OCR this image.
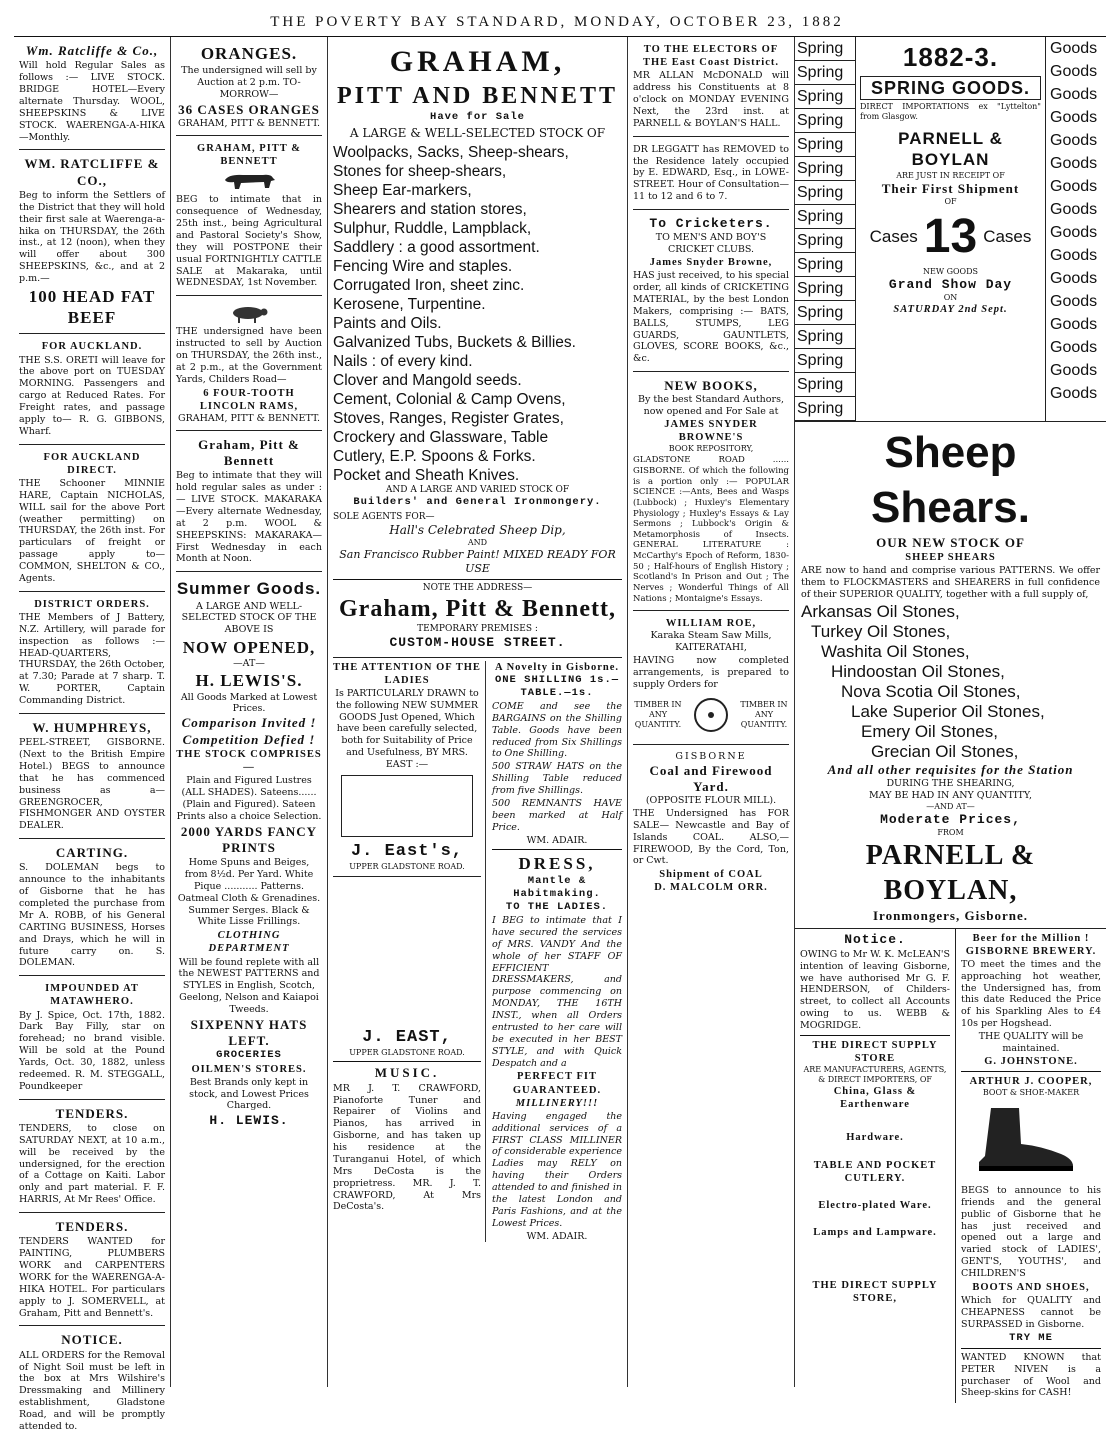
THE POVERTY BAY STANDARD, MONDAY, OCTOBER 23, 1882
Wm. Ratcliffe & Co.,
Will hold Regular Sales as follows :— LIVE STOCK. BRIDGE HOTEL—Every alternate Thursday. WOOL, SHEEPSKINS & LIVE STOCK. WAERENGA-A-HIKA—Monthly.
WM. RATCLIFFE & CO.,
Beg to inform the Settlers of the District that they will hold their first sale at Waerenga-a-hika on THURSDAY, the 26th inst., at 12 (noon), when they will offer about 300 SHEEPSKINS, &c., and at 2 p.m.—
100 HEAD FAT BEEF
FOR AUCKLAND.
THE S.S. ORETI will leave for the above port on TUESDAY MORNING. Passengers and cargo at Reduced Rates. For Freight rates, and passage apply to— R. G. GIBBONS, Wharf.
FOR AUCKLAND DIRECT.
THE Schooner MINNIE HARE, Captain NICHOLAS, WILL sail for the above Port (weather permitting) on THURSDAY, the 26th inst. For particulars of freight or passage apply to— COMMON, SHELTON & CO., Agents.
DISTRICT ORDERS.
THE Members of J Battery, N.Z. Artillery, will parade for inspection as follows :— HEAD-QUARTERS, THURSDAY, the 26th October, at 7.30; Parade at 7 sharp. T. W. PORTER, Captain Commanding District.
W. HUMPHREYS,
PEEL-STREET, GISBORNE. (Next to the British Empire Hotel.) BEGS to announce that he has commenced business as a— GREENGROCER, FISHMONGER AND OYSTER DEALER.
CARTING.
S. DOLEMAN begs to announce to the inhabitants of Gisborne that he has completed the purchase from Mr A. ROBB, of his General CARTING BUSINESS, Horses and Drays, which he will in future carry on. S. DOLEMAN.
IMPOUNDED AT MATAWHERO.
By J. Spice, Oct. 17th, 1882. Dark Bay Filly, star on forehead; no brand visible. Will be sold at the Pound Yards, Oct. 30, 1882, unless redeemed. R. M. STEGGALL, Poundkeeper
TENDERS.
TENDERS, to close on SATURDAY NEXT, at 10 a.m., will be received by the undersigned, for the erection of a Cottage on Kaiti. Labor only and part material. F. F. HARRIS, At Mr Rees' Office.
TENDERS.
TENDERS WANTED for PAINTING, PLUMBERS WORK and CARPENTERS WORK for the WAERENGA-A-HIKA HOTEL. For particulars apply to J. SOMERVELL, at Graham, Pitt and Bennett's.
NOTICE.
ALL ORDERS for the Removal of Night Soil must be left in the box at Mrs Wilshire's Dressmaking and Millinery establishment, Gladstone Road, and will be promptly attended to.
ORANGES.
The undersigned will sell by Auction at 2 p.m. TO-MORROW—
36 CASES ORANGES
GRAHAM, PITT & BENNETT.
GRAHAM, PITT & BENNETT
BEG to intimate that in consequence of Wednesday, 25th inst., being Agricultural and Pastoral Society's Show, they will POSTPONE their usual FORTNIGHTLY CATTLE SALE at Makaraka, until WEDNESDAY, 1st November.
THE undersigned have been instructed to sell by Auction on THURSDAY, the 26th inst., at 2 p.m., at the Government Yards, Childers Road—
6 FOUR-TOOTH LINCOLN RAMS,
GRAHAM, PITT & BENNETT.
Graham, Pitt & Bennett
Beg to intimate that they will hold regular sales as under :— LIVE STOCK. MAKARAKA—Every alternate Wednesday, at 2 p.m. WOOL & SHEEPSKINS: MAKARAKA—First Wednesday in each Month at Noon.
Summer Goods.
A LARGE AND WELL-SELECTED STOCK OF THE ABOVE IS
NOW OPENED,
—AT—
H. LEWIS'S.
All Goods Marked at Lowest Prices.
Comparison Invited ! Competition Defied !
THE STOCK COMPRISES—
Plain and Figured Lustres (ALL SHADES). Sateens......(Plain and Figured). Sateen Prints also a choice Selection.
2000 YARDS FANCY PRINTS
Home Spuns and Beiges, from 8½d. Per Yard. White Pique ........... Patterns. Oatmeal Cloth & Grenadines. Summer Serges. Black & White Lisse Frillings.
CLOTHING DEPARTMENT
Will be found replete with all the NEWEST PATTERNS and STYLES in English, Scotch, Geelong, Nelson and Kaiapoi Tweeds.
SIXPENNY HATS LEFT.
GROCERIES
OILMEN'S STORES.
Best Brands only kept in stock, and Lowest Prices Charged.
H. LEWIS.
GRAHAM,
PITT AND BENNETT
Have for Sale
A LARGE & WELL-SELECTED STOCK OF
Woolpacks, Sacks, Sheep-shears,
Stones for sheep-shears,
Sheep Ear-markers,
Shearers and station stores,
Sulphur, Ruddle, Lampblack,
Saddlery : a good assortment.
Fencing Wire and staples.
Corrugated Iron, sheet zinc.
Kerosene, Turpentine.
Paints and Oils.
Galvanized Tubs, Buckets & Billies.
Nails : of every kind.
Clover and Mangold seeds.
Cement, Colonial & Camp Ovens,
Stoves, Ranges, Register Grates,
Crockery and Glassware, Table
Cutlery, E.P. Spoons & Forks.
Pocket and Sheath Knives.
AND A LARGE AND VARIED STOCK OF
Builders' and General Ironmongery.
SOLE AGENTS FOR—
Hall's Celebrated Sheep Dip,
AND
San Francisco Rubber Paint! MIXED READY FOR USE
NOTE THE ADDRESS—
Graham, Pitt & Bennett,
TEMPORARY PREMISES :
CUSTOM-HOUSE STREET.
THE ATTENTION OF THE LADIES
Is PARTICULARLY DRAWN to the following NEW SUMMER GOODS Just Opened, Which have been carefully selected, both for Suitability of Price and Usefulness, BY MRS. EAST :—
J. East's,
UPPER GLADSTONE ROAD.
J. EAST,
UPPER GLADSTONE ROAD.
MUSIC.
MR J. T. CRAWFORD, Pianoforte Tuner and Repairer of Violins and Pianos, has arrived in Gisborne, and has taken up his residence at the Turanganui Hotel, of which Mrs DeCosta is the proprietress. MR. J. T. CRAWFORD, At Mrs DeCosta's.
A Novelty in Gisborne.
ONE SHILLING 1s.—TABLE.—1s.
COME and see the BARGAINS on the Shilling Table. Goods have been reduced from Six Shillings to One Shilling.
500 STRAW HATS on the Shilling Table reduced from five Shillings.
500 REMNANTS HAVE been marked at Half Price.
WM. ADAIR.
DRESS,
Mantle & Habitmaking.
TO THE LADIES.
I BEG to intimate that I have secured the services of MRS. VANDY And the whole of her STAFF OF EFFICIENT DRESSMAKERS, and purpose commencing on MONDAY, THE 16TH INST., when all Orders entrusted to her care will be executed in her BEST STYLE, and with Quick Despatch and a
PERFECT FIT GUARANTEED.
MILLINERY!!!
Having engaged the additional services of a FIRST CLASS MILLINER of considerable experience Ladies may RELY on having their Orders attended to and finished in the latest London and Paris Fashions, and at the Lowest Prices.
WM. ADAIR.
TO THE ELECTORS OF THE East Coast District.
MR ALLAN McDONALD will address his Constituents at 8 o'clock on MONDAY EVENING Next, the 23rd inst. at PARNELL & BOYLAN'S HALL.
DR LEGGATT has REMOVED to the Residence lately occupied by E. EDWARD, Esq., in LOWE-STREET. Hour of Consultation—11 to 12 and 6 to 7.
To Cricketers.
TO MEN'S AND BOY'S CRICKET CLUBS.
James Snyder Browne,
HAS just received, to his special order, all kinds of CRICKETING MATERIAL, by the best London Makers, comprising :— BATS, BALLS, STUMPS, LEG GUARDS, GAUNTLETS, GLOVES, SCORE BOOKS, &c., &c.
NEW BOOKS,
By the best Standard Authors, now opened and For Sale at
JAMES SNYDER BROWNE'S
BOOK REPOSITORY,
GLADSTONE ROAD ...... GISBORNE. Of which the following is a portion only :— POPULAR SCIENCE :—Ants, Bees and Wasps (Lubbock) ; Huxley's Elementary Physiology ; Huxley's Essays & Lay Sermons ; Lubbock's Origin & Metamorphosis of Insects. GENERAL LITERATURE : McCarthy's Epoch of Reform, 1830-50 ; Half-hours of English History ; Scotland's In Prison and Out ; The Nerves ; Wonderful Things of All Nations ; Montaigne's Essays.
WILLIAM ROE,
Karaka Steam Saw Mills, KAITERATAHI,
HAVING now completed arrangements, is prepared to supply Orders for
TIMBER IN ANY QUANTITY.
TIMBER IN ANY QUANTITY.
GISBORNE
Coal and Firewood Yard.
(OPPOSITE FLOUR MILL).
THE Undersigned has FOR SALE— Newcastle and Bay of Islands COAL. ALSO,—FIREWOOD, By the Cord, Ton, or Cwt.
Shipment of COAL
D. MALCOLM ORR.
Spring
Spring
Spring
Spring
Spring
Spring
Spring
Spring
Spring
Spring
Spring
Spring
Spring
Spring
Spring
Spring
1882-3.
SPRING GOODS.
DIRECT IMPORTATIONS ex "Lyttelton" from Glasgow.
PARNELL & BOYLAN
ARE JUST IN RECEIPT OF
Their First Shipment
OF
Cases 13 Cases
NEW GOODS
Grand Show Day
ON
SATURDAY 2nd Sept.
Goods
Goods
Goods
Goods
Goods
Goods
Goods
Goods
Goods
Goods
Goods
Goods
Goods
Goods
Goods
Goods
Sheep Shears.
OUR NEW STOCK OF
SHEEP SHEARS
ARE now to hand and comprise various PATTERNS. We offer them to FLOCKMASTERS and SHEARERS in full confidence of their SUPERIOR QUALITY, together with a full supply of,
Arkansas Oil Stones,
Turkey Oil Stones,
Washita Oil Stones,
Hindoostan Oil Stones,
Nova Scotia Oil Stones,
Lake Superior Oil Stones,
Emery Oil Stones,
Grecian Oil Stones,
And all other requisites for the Station
DURING THE SHEARING,
MAY BE HAD IN ANY QUANTITY,
—AND AT—
Moderate Prices,
FROM
PARNELL & BOYLAN,
Ironmongers, Gisborne.
Notice.
OWING to Mr W. K. McLEAN'S intention of leaving Gisborne, we have authorised Mr G. F. HENDERSON, of Childers-street, to collect all Accounts owing to us. WEBB & MOGRIDGE.
THE DIRECT SUPPLY STORE
ARE MANUFACTURERS, AGENTS, & DIRECT IMPORTERS, OF
China, Glass & Earthenware
Hardware.
TABLE AND POCKET CUTLERY.
Electro-plated Ware.
Lamps and Lampware.
THE DIRECT SUPPLY STORE,
Beer for the Million !
GISBORNE BREWERY.
TO meet the times and the approaching hot weather, the Undersigned has, from this date Reduced the Price of his Sparkling Ales to £4 10s per Hogshead.
THE QUALITY will be maintained.
G. JOHNSTONE.
ARTHUR J. COOPER,
BOOT & SHOE-MAKER
BEGS to announce to his friends and the general public of Gisborne that he has just received and opened out a large and varied stock of LADIES', GENT'S, YOUTHS', and CHILDREN'S
BOOTS AND SHOES,
Which for QUALITY and CHEAPNESS cannot be SURPASSED in Gisborne.
TRY ME
WANTED KNOWN that PETER NIVEN is a purchaser of Wool and Sheep-skins for CASH!
